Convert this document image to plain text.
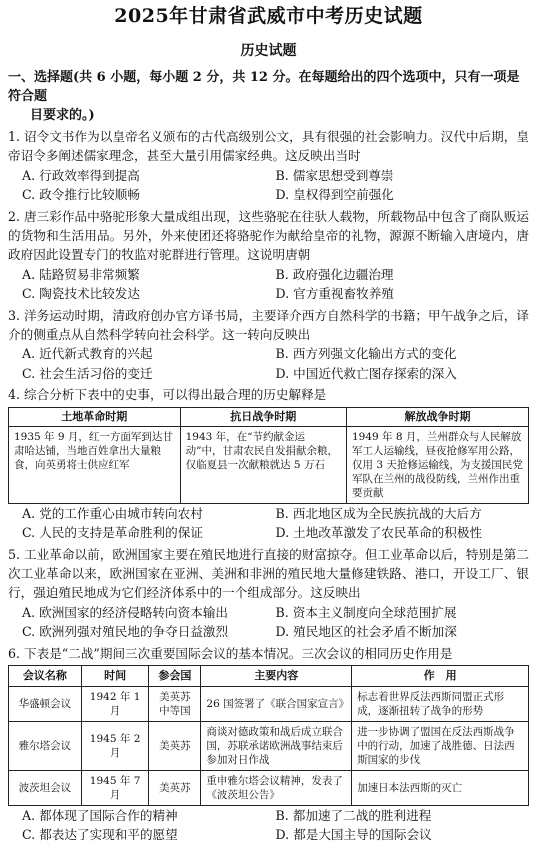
2025年甘肃省武威市中考历史试题
历史试题
一、选择题(共 6 小题，每小题 2 分，共 12 分。在每题给出的四个选项中，只有一项是符合题
目要求的。)
1. 诏令文书作为以皇帝名义颁布的古代高级别公文，具有很强的社会影响力。汉代中后期，皇帝诏令多阐述儒家理念，甚至大量引用儒家经典。这反映出当时
A. 行政效率得到提高	B. 儒家思想受到尊崇
C. 政令推行比较顺畅	D. 皇权得到空前强化
2. 唐三彩作品中骆驼形象大量成组出现，这些骆驼在往驮人载物，所载物品中包含了商队贩运的货物和生活用品。另外，外来使团还将骆驼作为献给皇帝的礼物，源源不断输入唐境内，唐政府因此设置专门的牧监对驼群进行管理。这说明唐朝
A. 陆路贸易非常频繁	B. 政府强化边疆治理
C. 陶瓷技术比较发达	D. 官方重视畜牧养殖
3. 洋务运动时期，清政府创办官方译书局，主要译介西方自然科学的书籍；甲午战争之后，译介的侧重点从自然科学转向社会科学。这一转向反映出
A. 近代新式教育的兴起	B. 西方列强文化输出方式的变化
C. 社会生活习俗的变迁	D. 中国近代救亡图存探索的深入
4. 综合分析下表中的史事，可以得出最合理的历史解释是
土地革命时期	抗日战争时期	解放战争时期
1935 年 9 月，红一方面军到达甘肃哈达铺，当地百姓拿出大量粮食，向英勇将士供应红军	1943 年，在“节约献金运动”中，甘肃农民自发捐献余粮，仅临夏县一次献粮就达 5 万石	1949 年 8 月，兰州群众与人民解放军工人运输线，昼夜抢修军用公路，仅用 3 天抢修运输线，为支援国民党军队在兰州的战役防线，兰州作出重要贡献
A. 党的工作重心由城市转向农村	B. 西北地区成为全民族抗战的大后方
C. 人民的支持是革命胜利的保证	D. 土地改革激发了农民革命的积极性
5. 工业革命以前，欧洲国家主要在殖民地进行直接的财富掠夺。但工业革命以后，特别是第二次工业革命以来，欧洲国家在亚洲、美洲和非洲的殖民地大量修建铁路、港口，开设工厂、银行，强迫殖民地成为它们经济体系中的一个组成部分。这反映出
A. 欧洲国家的经济侵略转向资本输出	B. 资本主义制度向全球范围扩展
C. 欧洲列强对殖民地的争夺日益激烈	D. 殖民地区的社会矛盾不断加深
6. 下表是“二战”期间三次重要国际会议的基本情况。三次会议的相同历史作用是
会议名称	时间	参会国	主要内容	作　用
华盛顿会议	1942 年 1 月	美英苏中等国	26 国签署了《联合国家宣言》	标志着世界反法西斯同盟正式形成，逐渐扭转了战争的形势
雅尔塔会议	1945 年 2 月	美英苏	商谈对德政策和战后成立联合国，苏联承诺欧洲战事结束后参加对日作战	进一步协调了盟国在反法西斯战争中的行动，加速了战胜德、日法西斯国家的步伐
波茨坦会议	1945 年 7 月	美英苏	重申雅尔塔会议精神，发表了《波茨坦公告》	加速日本法西斯的灭亡
A. 都体现了国际合作的精神	B. 都加速了二战的胜利进程
C. 都表达了实现和平的愿望	D. 都是大国主导的国际会议
